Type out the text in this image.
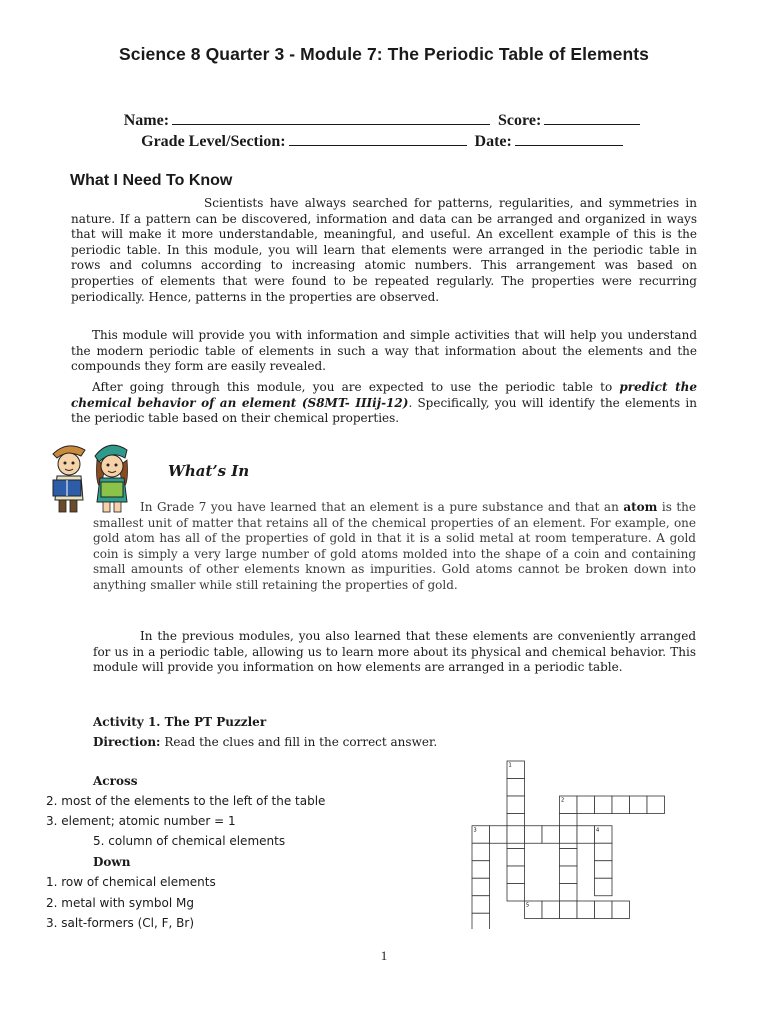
Science 8 Quarter 3 - Module 7: The Periodic Table of Elements
Name:	Score:
Grade Level/Section:	Date:
What I Need To Know

Scientists have always searched for patterns, regularities, and symmetries in nature. If a pattern can be discovered, information and data can be arranged and organized in ways that will make it more understandable, meaningful, and useful. An excellent example of this is the periodic table. In this module, you will learn that elements were arranged in the periodic table in rows and columns according to increasing atomic numbers. This arrangement was based on properties of elements that were found to be repeated regularly. The properties were recurring periodically. Hence, patterns in the properties are observed.

This module will provide you with information and simple activities that will help you understand the modern periodic table of elements in such a way that information about the elements and the compounds they form are easily revealed.

After going through this module, you are expected to use the periodic table to predict the chemical behavior of an element (S8MT- IIIij-12). Specifically, you will identify the elements in the periodic table based on their chemical properties.

What’s In

In Grade 7 you have learned that an element is a pure substance and that an atom is the smallest unit of matter that retains all of the chemical properties of an element. For example, one gold atom has all of the properties of gold in that it is a solid metal at room temperature. A gold coin is simply a very large number of gold atoms molded into the shape of a coin and containing small amounts of other elements known as impurities. Gold atoms cannot be broken down into anything smaller while still retaining the properties of gold.

In the previous modules, you also learned that these elements are conveniently arranged for us in a periodic table, allowing us to learn more about its physical and chemical behavior. This module will provide you information on how elements are arranged in a periodic table.

Activity 1. The PT Puzzler
Direction: Read the clues and fill in the correct answer.
Across
2. most of the elements to the left of the table
3. element; atomic number = 1
5. column of chemical elements
Down
1. row of chemical elements
2. metal with symbol Mg
3. salt-formers (Cl, F, Br)
1
2
3	4
5
1
